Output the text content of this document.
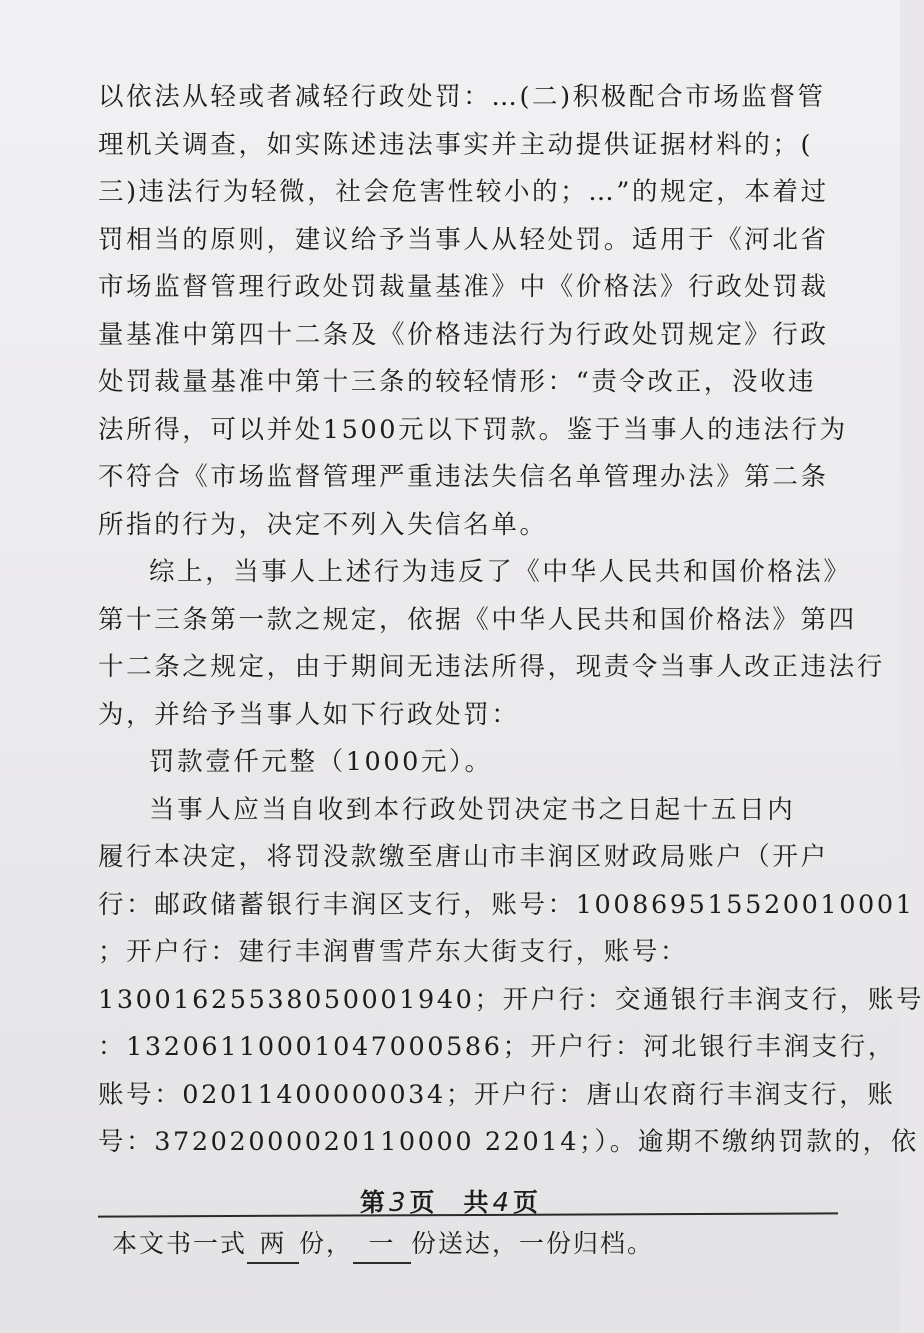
以依法从轻或者减轻行政处罚：…(二)积极配合市场监督管
理机关调查，如实陈述违法事实并主动提供证据材料的；(
三)违法行为轻微，社会危害性较小的；…”的规定，本着过
罚相当的原则，建议给予当事人从轻处罚。适用于《河北省
市场监督管理行政处罚裁量基准》中《价格法》行政处罚裁
量基准中第四十二条及《价格违法行为行政处罚规定》行政
处罚裁量基准中第十三条的较轻情形：“责令改正，没收违
法所得，可以并处1500元以下罚款。鉴于当事人的违法行为
不符合《市场监督管理严重违法失信名单管理办法》第二条
所指的行为，决定不列入失信名单。
综上，当事人上述行为违反了《中华人民共和国价格法》
第十三条第一款之规定，依据《中华人民共和国价格法》第四
十二条之规定，由于期间无违法所得，现责令当事人改正违法行
为，并给予当事人如下行政处罚：
罚款壹仟元整（1000元）。
当事人应当自收到本行政处罚决定书之日起十五日内
履行本决定，将罚没款缴至唐山市丰润区财政局账户（开户
行：邮政储蓄银行丰润区支行，账号：100869515520010001
；开户行：建行丰润曹雪芹东大街支行，账号：
13001625538050001940；开户行：交通银行丰润支行，账号
：13206110001047000586；开户行：河北银行丰润支行，
账号：02011400000034；开户行：唐山农商行丰润支行，账
号：37202000020110000 22014；）。逾期不缴纳罚款的，依
第3页　共4页
本文书一式 两 份， 一 份送达，一份归档。
